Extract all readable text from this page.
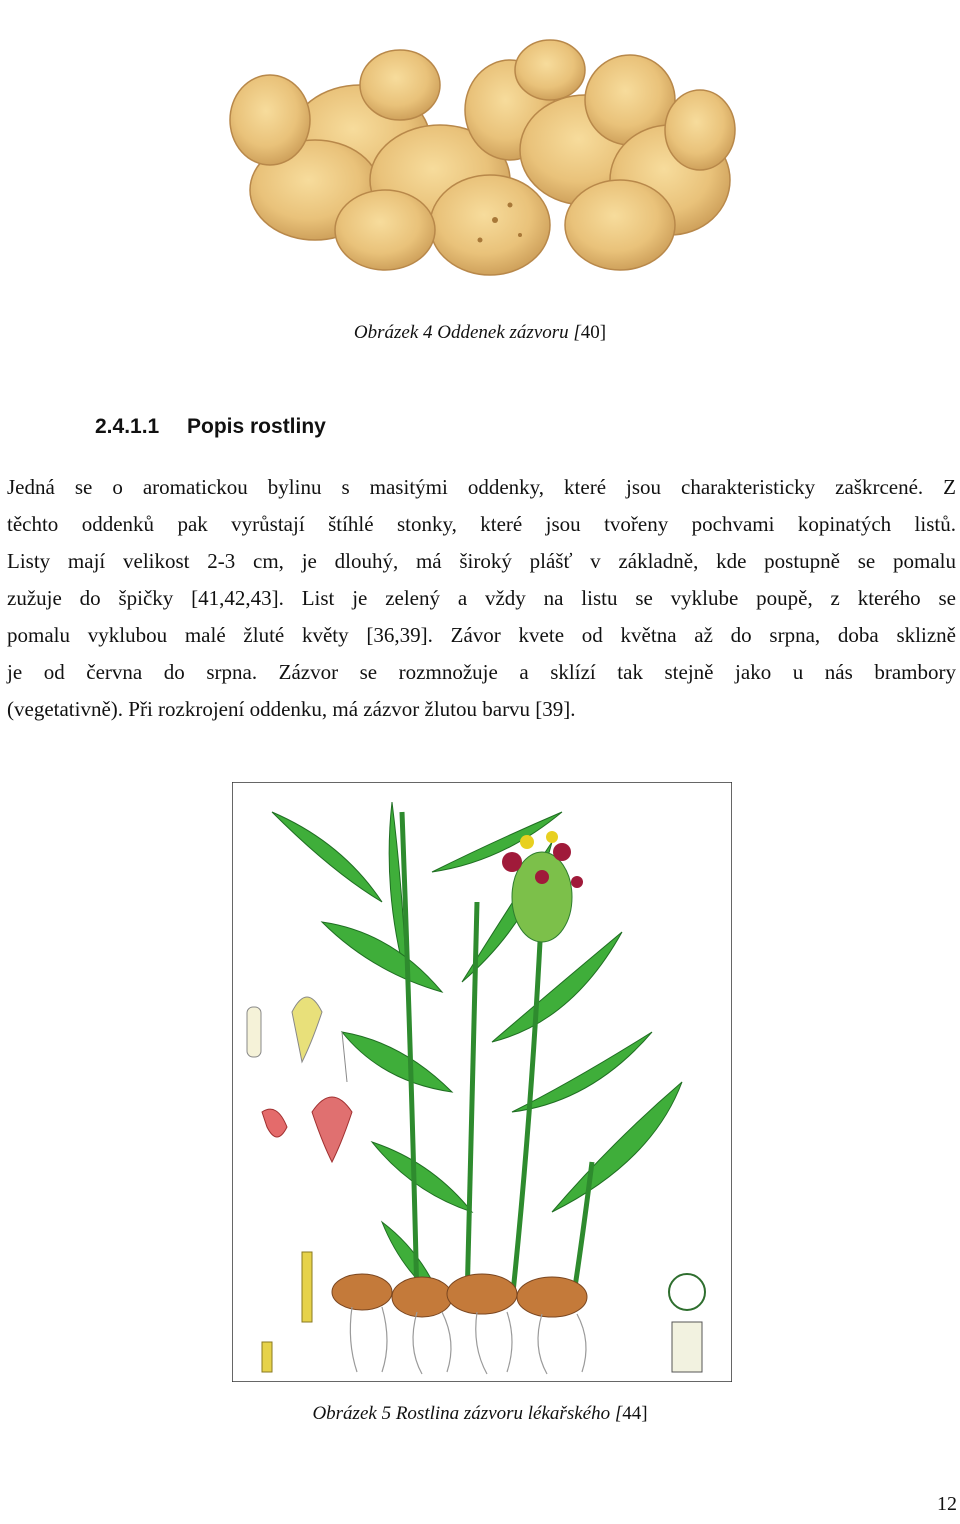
Obrázek 4 Oddenek zázvoru [40]
2.4.1.1 Popis rostliny
Jedná se o aromatickou bylinu s masitými oddenky, které jsou charakteristicky zaškrcené. Z
těchto oddenků pak vyrůstají štíhlé stonky, které jsou tvořeny pochvami kopinatých listů.
Listy mají velikost 2-3 cm, je dlouhý, má široký plášť v základně, kde postupně se pomalu
zužuje do špičky [41,42,43]. List je zelený a vždy na listu se vyklube poupě, z kterého se
pomalu vyklubou malé žluté květy [36,39]. Závor kvete od května až do srpna, doba sklizně
je od června do srpna. Zázvor se rozmnožuje a sklízí tak stejně jako u nás brambory
(vegetativně). Při rozkrojení oddenku, má zázvor žlutou barvu [39].
Obrázek 5 Rostlina zázvoru lékařského [44]
12
